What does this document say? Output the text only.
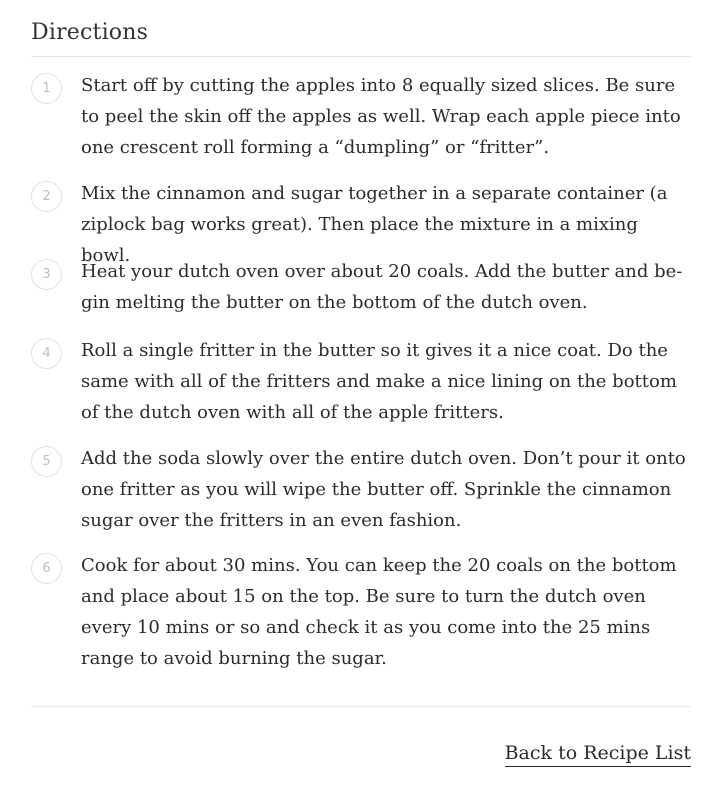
Directions
1	Start off by cutting the apples into 8 equally sized slices. Be sure to peel the skin off the apples as well. Wrap each apple piece into one crescent roll forming a “dumpling” or “fritter”.
2	Mix the cinnamon and sugar together in a separate container (a ziplock bag works great). Then place the mixture in a mixing bowl.
3	Heat your dutch oven over about 20 coals. Add the butter and begin melting the butter on the bottom of the dutch oven.
4	Roll a single fritter in the butter so it gives it a nice coat. Do the same with all of the fritters and make a nice lining on the bottom of the dutch oven with all of the apple fritters.
5	Add the soda slowly over the entire dutch oven. Don’t pour it onto one fritter as you will wipe the butter off. Sprinkle the cinnamon sugar over the fritters in an even fashion.
6	Cook for about 30 mins. You can keep the 20 coals on the bottom and place about 15 on the top. Be sure to turn the dutch oven every 10 mins or so and check it as you come into the 25 mins range to avoid burning the sugar.
Back to Recipe List
